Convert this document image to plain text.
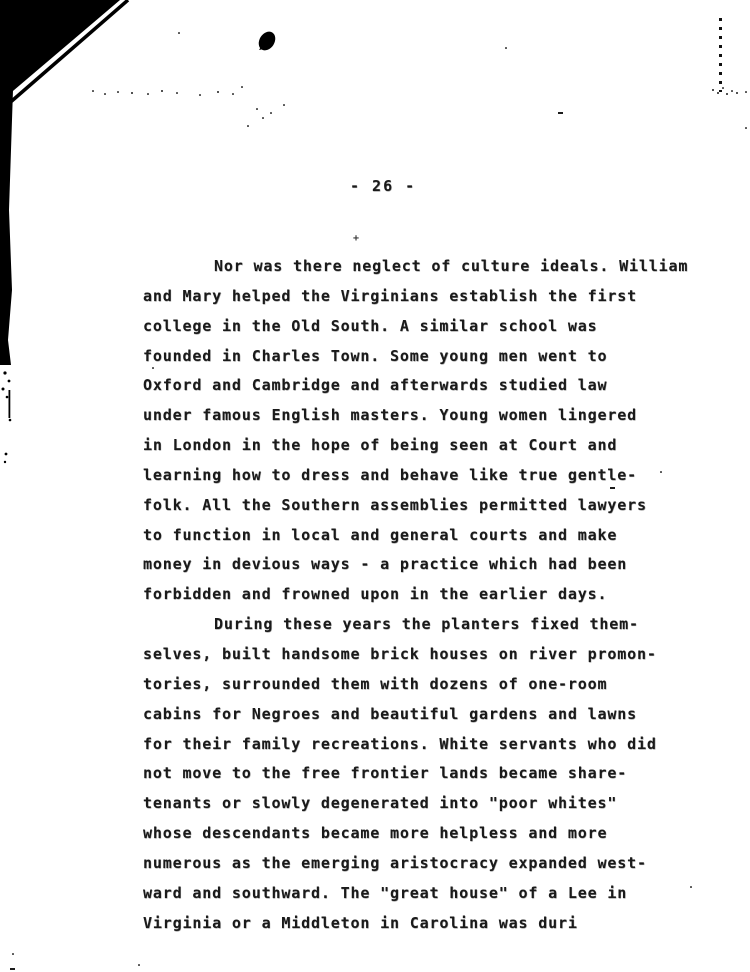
+
- 26 -
Nor was there neglect of culture ideals. William
and Mary helped the Virginians establish the first
college in the Old South. A similar school was
founded in Charles Town. Some young men went to
Oxford and Cambridge and afterwards studied law
under famous English masters. Young women lingered
in London in the hope of being seen at Court and
learning how to dress and behave like true gentle-
folk. All the Southern assemblies permitted lawyers
to function in local and general courts and make
money in devious ways - a practice which had been
forbidden and frowned upon in the earlier days.
During these years the planters fixed them-
selves, built handsome brick houses on river promon-
tories, surrounded them with dozens of one-room
cabins for Negroes and beautiful gardens and lawns
for their family recreations. White servants who did
not move to the free frontier lands became share-
tenants or slowly degenerated into "poor whites"
whose descendants became more helpless and more
numerous as the emerging aristocracy expanded west-
ward and southward. The "great house" of a Lee in
Virginia or a Middleton in Carolina was duri
